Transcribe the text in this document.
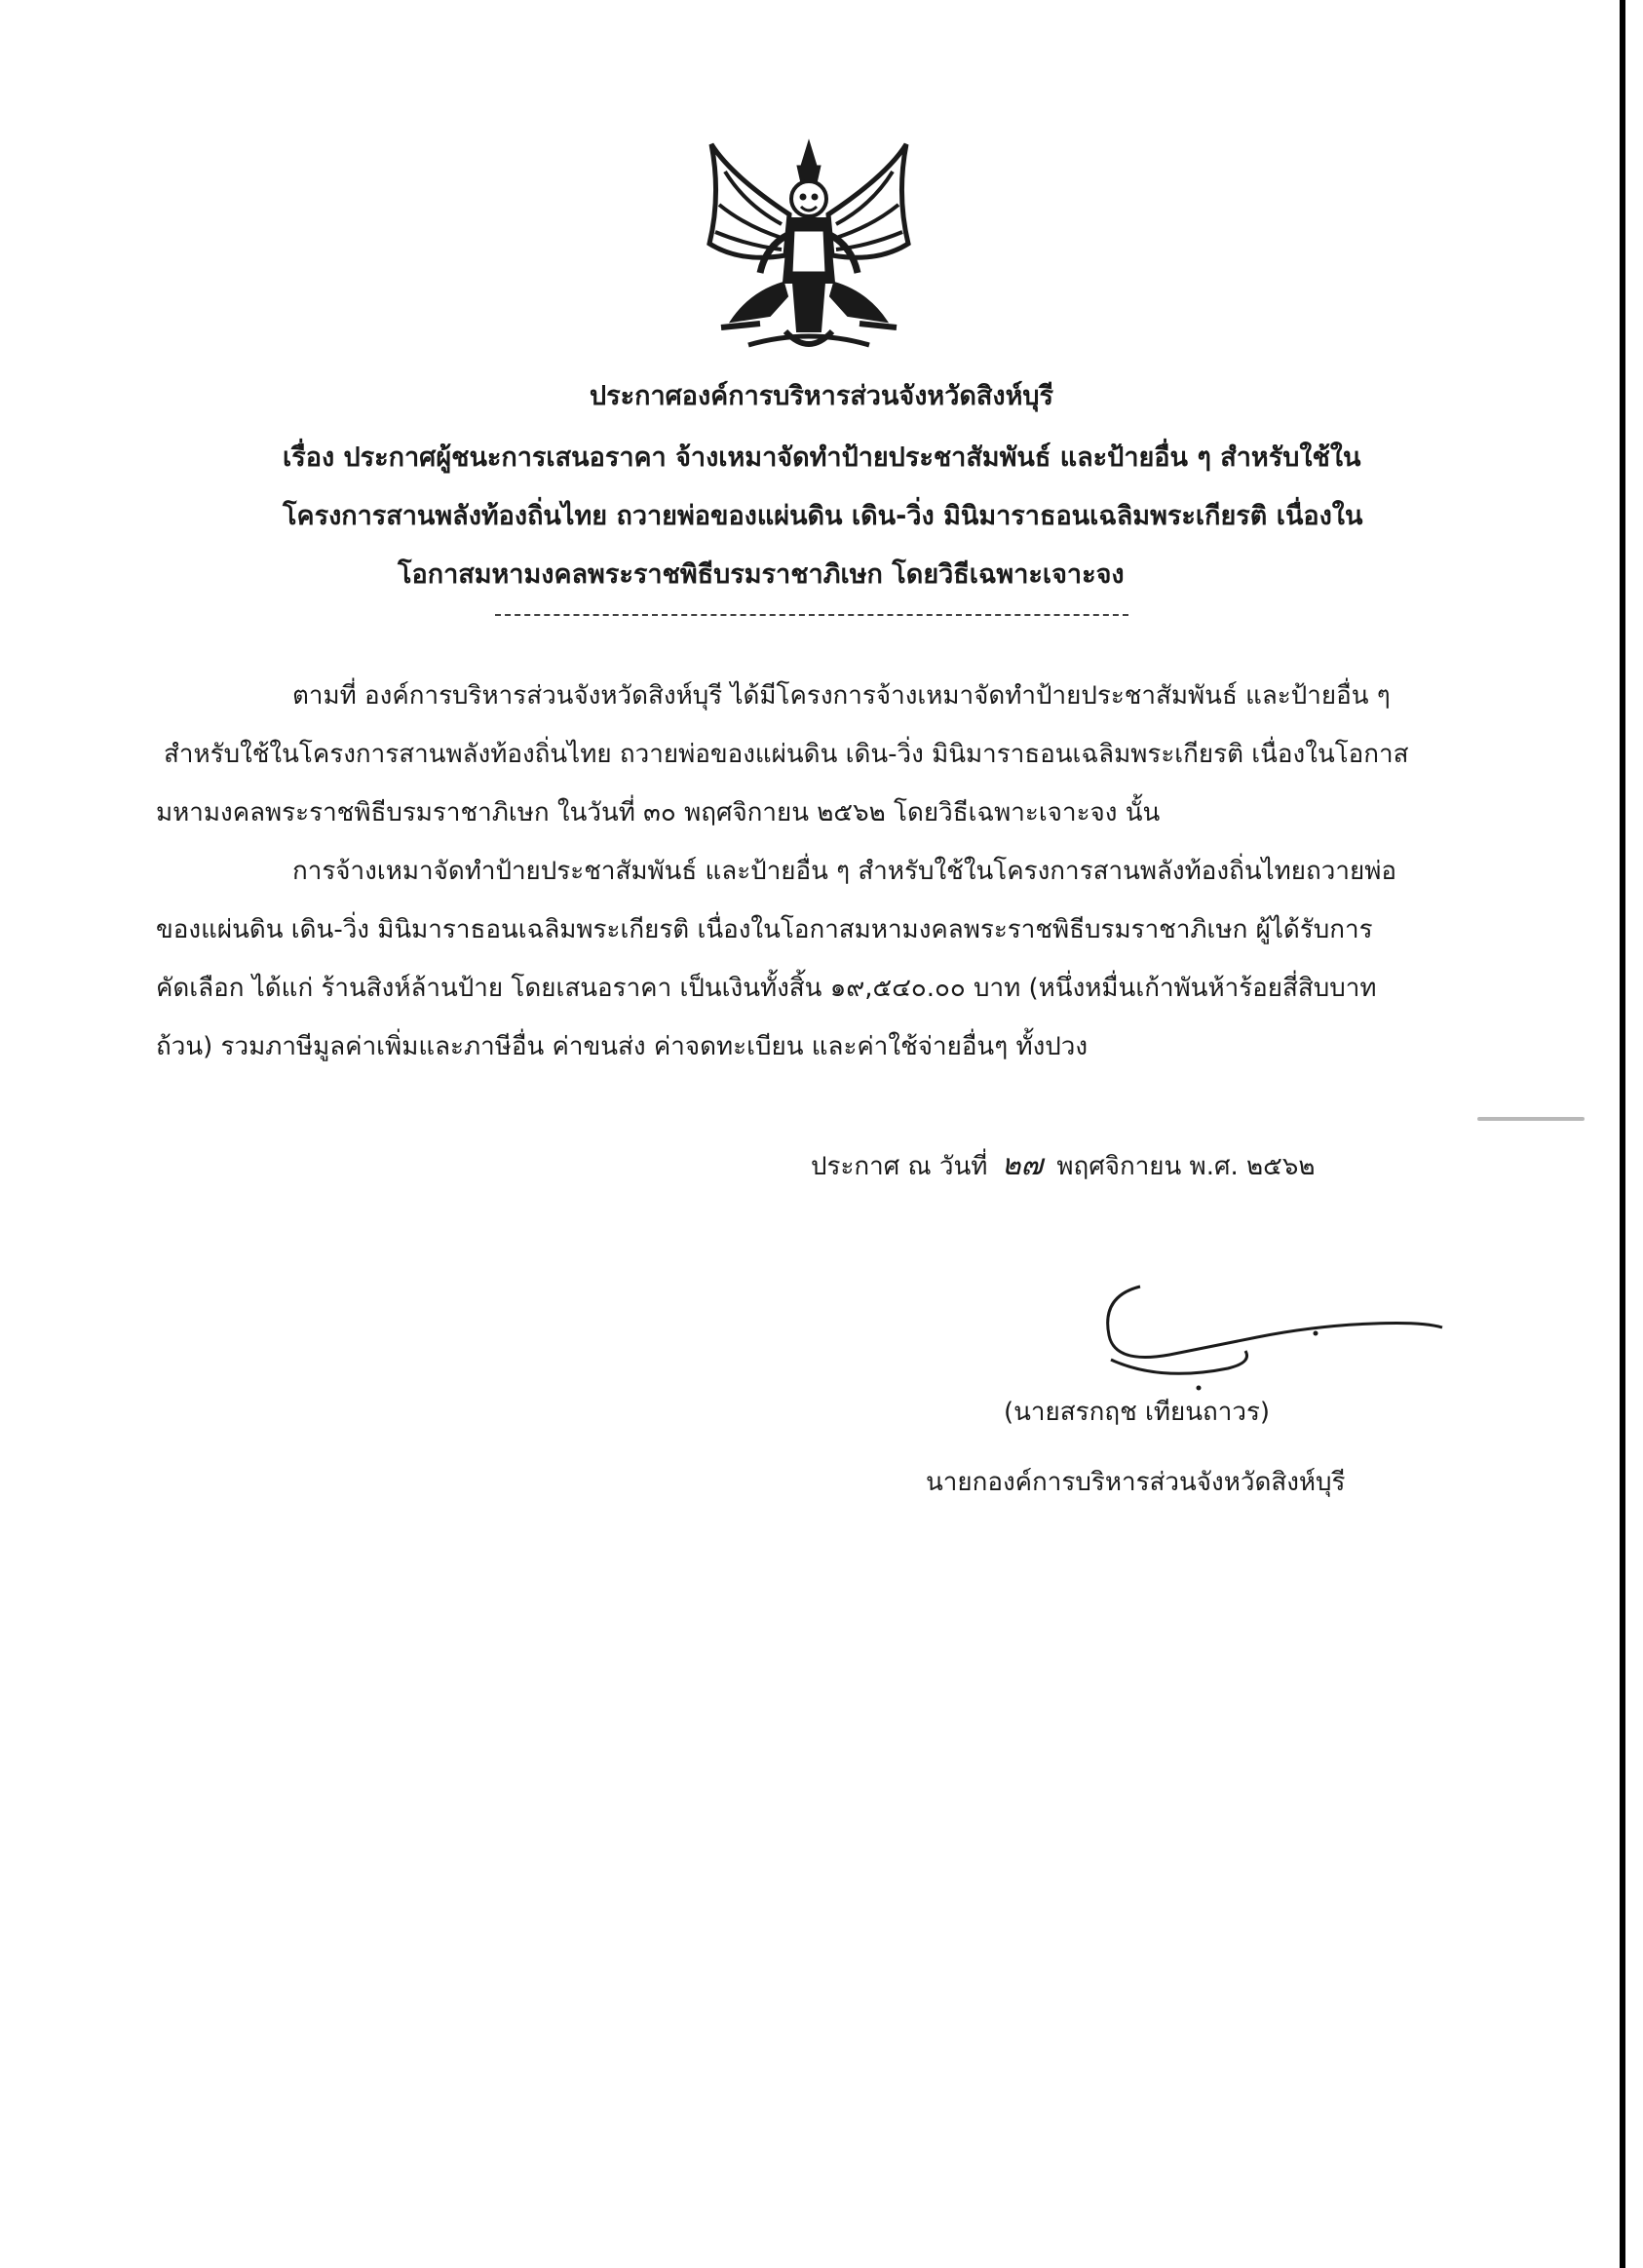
ประกาศองค์การบริหารส่วนจังหวัดสิงห์บุรี
เรื่อง ประกาศผู้ชนะการเสนอราคา จ้างเหมาจัดทำป้ายประชาสัมพันธ์ และป้ายอื่น ๆ สำหรับใช้ใน
โครงการสานพลังท้องถิ่นไทย ถวายพ่อของแผ่นดิน เดิน-วิ่ง มินิมาราธอนเฉลิมพระเกียรติ เนื่องใน
โอกาสมหามงคลพระราชพิธีบรมราชาภิเษก โดยวิธีเฉพาะเจาะจง
ตามที่ องค์การบริหารส่วนจังหวัดสิงห์บุรี ได้มีโครงการจ้างเหมาจัดทำป้ายประชาสัมพันธ์ และป้ายอื่น ๆ
สำหรับใช้ในโครงการสานพลังท้องถิ่นไทย ถวายพ่อของแผ่นดิน เดิน-วิ่ง มินิมาราธอนเฉลิมพระเกียรติ เนื่องในโอกาส
มหามงคลพระราชพิธีบรมราชาภิเษก ในวันที่ ๓๐ พฤศจิกายน ๒๕๖๒ โดยวิธีเฉพาะเจาะจง นั้น
การจ้างเหมาจัดทำป้ายประชาสัมพันธ์ และป้ายอื่น ๆ สำหรับใช้ในโครงการสานพลังท้องถิ่นไทยถวายพ่อ
ของแผ่นดิน เดิน-วิ่ง มินิมาราธอนเฉลิมพระเกียรติ เนื่องในโอกาสมหามงคลพระราชพิธีบรมราชาภิเษก ผู้ได้รับการ
คัดเลือก ได้แก่ ร้านสิงห์ล้านป้าย โดยเสนอราคา เป็นเงินทั้งสิ้น ๑๙,๕๔๐.๐๐ บาท (หนึ่งหมื่นเก้าพันห้าร้อยสี่สิบบาท
ถ้วน) รวมภาษีมูลค่าเพิ่มและภาษีอื่น ค่าขนส่ง ค่าจดทะเบียน และค่าใช้จ่ายอื่นๆ ทั้งปวง
ประกาศ ณ วันที่ ๒๗ พฤศจิกายน พ.ศ. ๒๕๖๒
(นายสรกฤช เทียนถาวร)
นายกองค์การบริหารส่วนจังหวัดสิงห์บุรี
